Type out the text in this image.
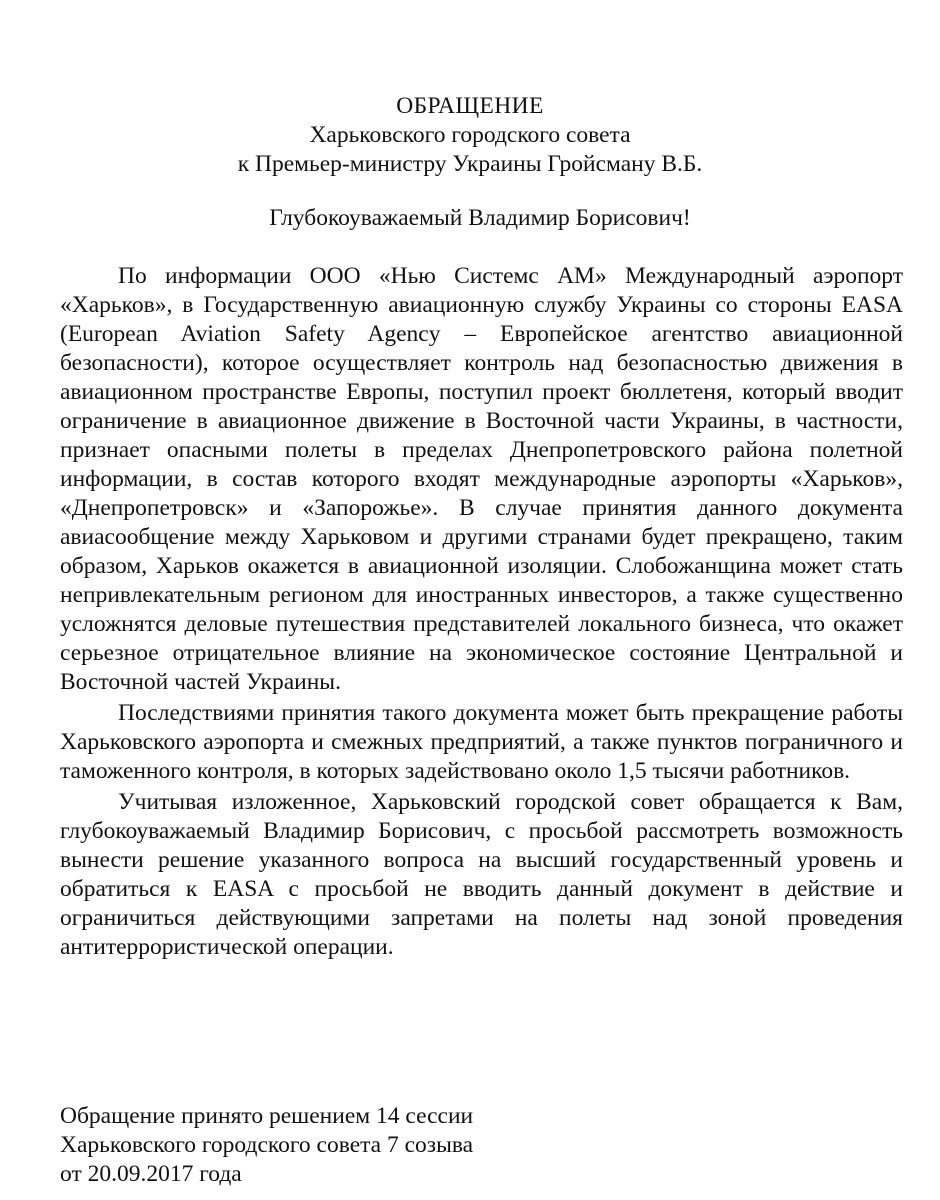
ОБРАЩЕНИЕ
Харьковского городского совета
к Премьер-министру Украины Гройсману В.Б.
Глубокоуважаемый Владимир Борисович!

По информации ООО «Нью Системс АМ» Международный аэропорт «Харьков», в Государственную авиационную службу Украины со стороны EASA (European Aviation Safety Agency – Европейское агентство авиационной безопасности), которое осуществляет контроль над безопасностью движения в авиационном пространстве Европы, поступил проект бюллетеня, который вводит ограничение в авиационное движение в Восточной части Украины, в частности, признает опасными полеты в пределах Днепропетровского района полетной информации, в состав которого входят международные аэропорты «Харьков», «Днепропетровск» и «Запорожье». В случае принятия данного документа авиасообщение между Харьковом и другими странами будет прекращено, таким образом, Харьков окажется в авиационной изоляции. Слобожанщина может стать непривлекательным регионом для иностранных инвесторов, а также существенно усложнятся деловые путешествия представителей локального бизнеса, что окажет серьезное отрицательное влияние на экономическое состояние Центральной и Восточной частей Украины.

Последствиями принятия такого документа может быть прекращение работы Харьковского аэропорта и смежных предприятий, а также пунктов пограничного и таможенного контроля, в которых задействовано около 1,5 тысячи работников.

Учитывая изложенное, Харьковский городской совет обращается к Вам, глубокоуважаемый Владимир Борисович, с просьбой рассмотреть возможность вынести решение указанного вопроса на высший государственный уровень и обратиться к EASA с просьбой не вводить данный документ в действие и ограничиться действующими запретами на полеты над зоной проведения антитеррористической операции.

Обращение принято решением 14 сессии
Харьковского городского совета 7 созыва
от 20.09.2017 года
